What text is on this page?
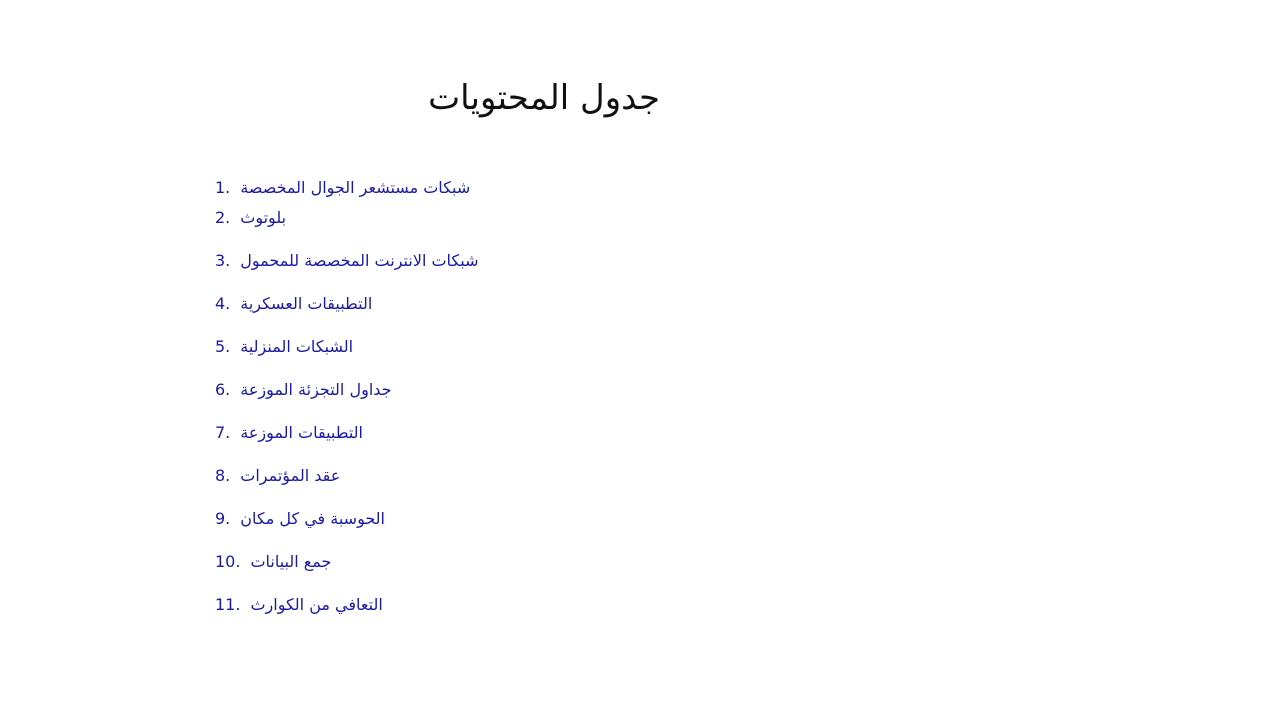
جدول المحتويات
1. شبكات مستشعر الجوال المخصصة
2. بلوتوث
3. شبكات الانترنت المخصصة للمحمول
4. التطبيقات العسكرية
5. الشبكات المنزلية
6. جداول التجزئة الموزعة
7. التطبيقات الموزعة
8. عقد المؤتمرات
9. الحوسبة في كل مكان
10. جمع البيانات
11. التعافي من الكوارث
